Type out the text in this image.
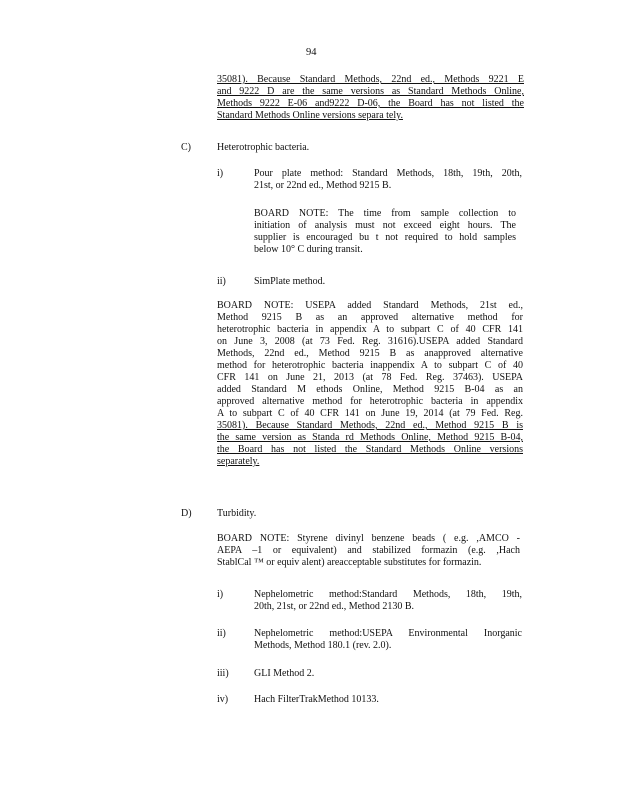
94
35081). Because Standard Methods, 22nd ed., Methods 9221 E
and 9222 D are the same versions as Standard Methods Online,
Methods 9222 E-06 and9222 D-06, the Board has not listed the
Standard Methods Online versions separa tely.
C)	Heterotrophic bacteria.
i)	Pour plate method: Standard Methods, 18th, 19th, 20th,
21st, or 22nd ed., Method 9215 B.
BOARD NOTE: The time from sample collection to
initiation of analysis must not exceed eight hours. The
supplier is encouraged bu t not required to hold samples
below 10° C during transit.
ii)	SimPlate method.
BOARD NOTE: USEPA added Standard Methods, 21st ed.,
Method 9215 B as an approved alternative method for
heterotrophic bacteria in appendix A to subpart C of 40 CFR 141
on June 3, 2008 (at 73 Fed. Reg. 31616).USEPA added Standard
Methods, 22nd ed., Method 9215 B as anapproved alternative
method for heterotrophic bacteria inappendix A to subpart C of 40
CFR 141 on June 21, 2013 (at 78 Fed. Reg. 37463). USEPA
added Standard M ethods Online, Method 9215 B-04 as an
approved alternative method for heterotrophic bacteria in appendix
A to subpart C of 40 CFR 141 on June 19, 2014 (at 79 Fed. Reg.
35081). Because Standard Methods, 22nd ed., Method 9215 B is
the same version as Standa rd Methods Online, Method 9215 B-04,
the Board has not listed the Standard Methods Online versions
separately.
D)	Turbidity.
BOARD NOTE: Styrene divinyl benzene beads ( e.g. ,AMCO -
AEPA –1 or equivalent) and stabilized formazin (e.g. ,Hach
StablCal ™ or equiv alent) areacceptable substitutes for formazin.
i)	Nephelometric method:Standard Methods, 18th, 19th,
20th, 21st, or 22nd ed., Method 2130 B.
ii)	Nephelometric method:USEPA Environmental Inorganic
Methods, Method 180.1 (rev. 2.0).
iii)	GLI Method 2.
iv)	Hach FilterTrakMethod 10133.
